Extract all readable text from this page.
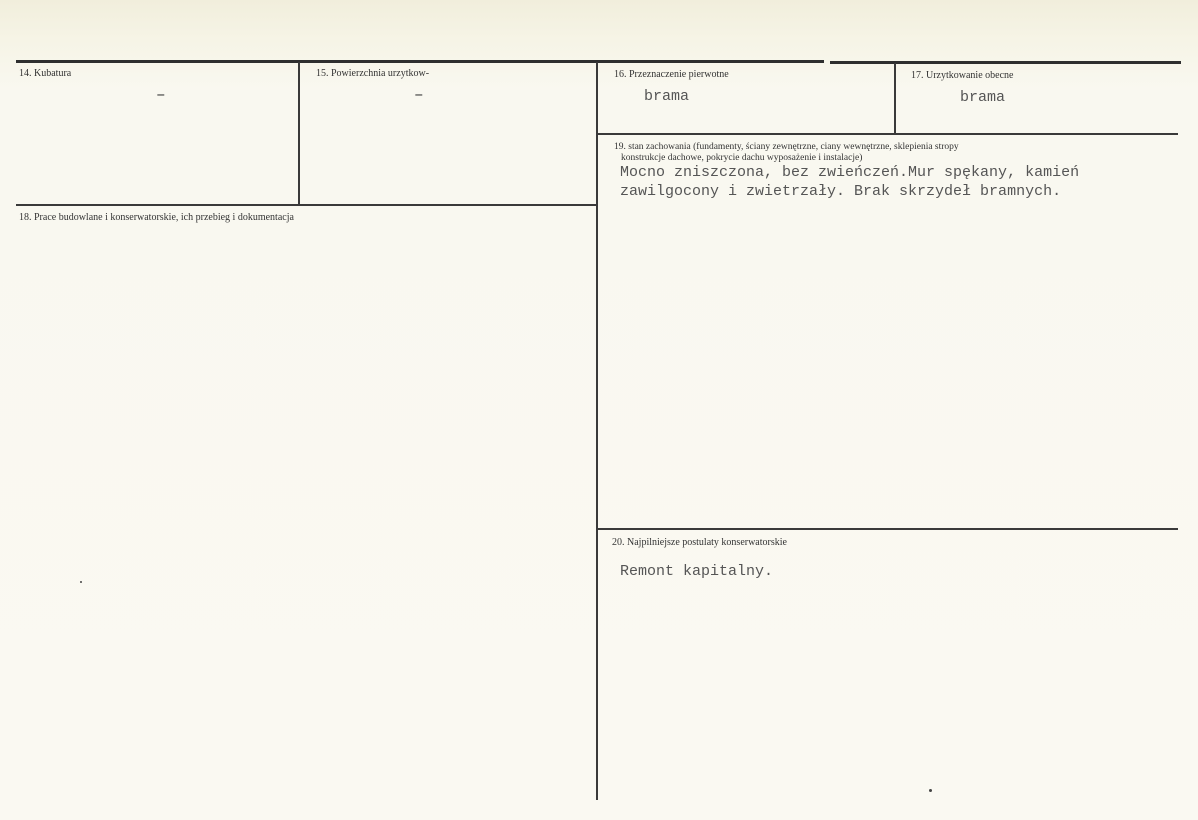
14. Kubatura
–
15. Powierzchnia urzytkow‑
–
16. Przeznaczenie pierwotne
brama
17. Urzytkowanie obecne
brama
18. Prace budowlane i konserwatorskie, ich przebieg i dokumentacja
19. stan zachowania (fundamenty, ściany zewnętrzne, ciany wewnętrzne, sklepienia stropy
konstrukcje dachowe, pokrycie dachu wyposażenie i instalacje)
Mocno zniszczona, bez zwieńczeń.Mur spękany, kamień
zawilgocony i zwietrzały. Brak skrzydeł bramnych.
20. Najpilniejsze postulaty konserwatorskie
Remont kapitalny.
